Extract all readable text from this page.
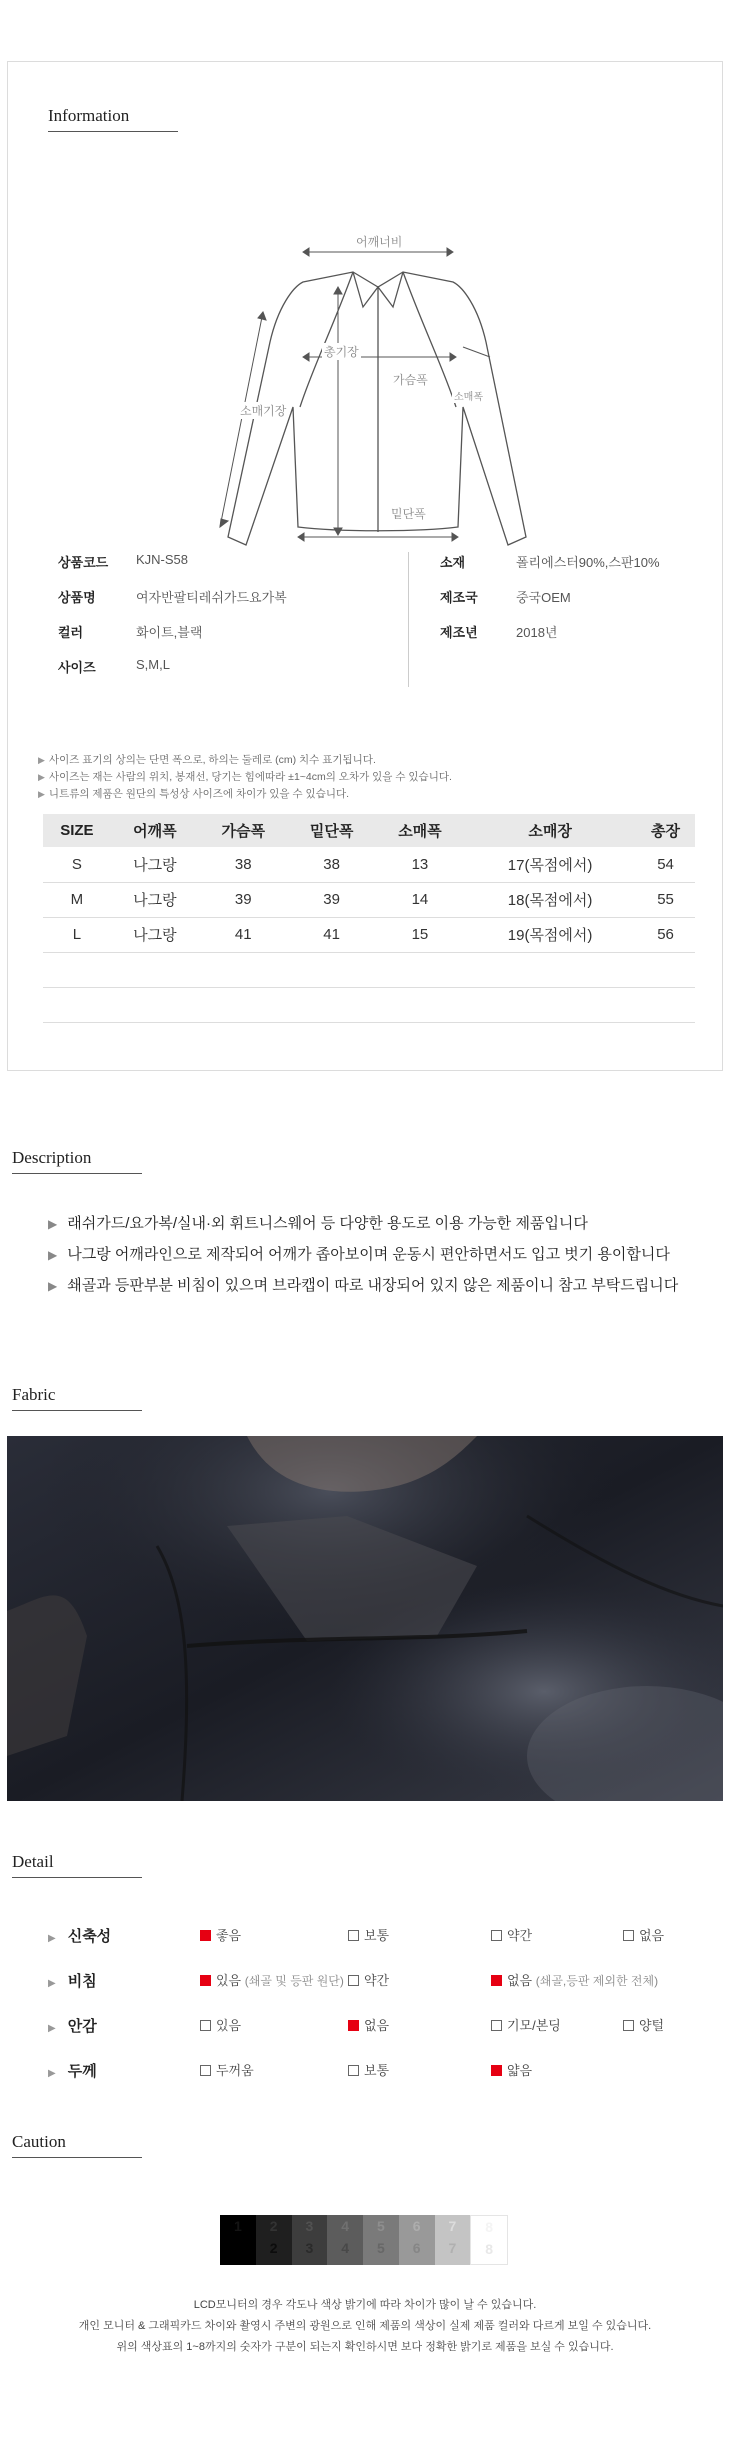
Information
어깨너비
총기장
가슴폭
소매폭
소매기장
밑단폭
상품코드	KJN-S58
상품명	여자반팔티레쉬가드요가복
컬러	화이트,블랙
사이즈	S,M,L
소재	폴리에스터90%,스판10%
제조국	중국OEM
제조년	2018년
▶ 사이즈 표기의 상의는 단면 폭으로, 하의는 둘레로 (cm) 치수 표기됩니다.
▶ 사이즈는 재는 사람의 위치, 봉재선, 당기는 힘에따라 ±1~4cm의 오차가 있을 수 있습니다.
▶ 니트류의 제품은 원단의 특성상 사이즈에 차이가 있을 수 있습니다.
SIZE	어깨폭	가슴폭	밑단폭	소매폭	소매장	총장
S	나그랑	38	38	13	17(목점에서)	54
M	나그랑	39	39	14	18(목점에서)	55
L	나그랑	41	41	15	19(목점에서)	56

Description
▶ 래쉬가드/요가복/실내·외 휘트니스웨어 등 다양한 용도로 이용 가능한 제품입니다
▶ 나그랑 어깨라인으로 제작되어 어깨가 좁아보이며 운동시 편안하면서도 입고 벗기 용이합니다
▶ 쇄골과 등판부분 비침이 있으며 브라캡이 따로 내장되어 있지 않은 제품이니 참고 부탁드립니다
Fabric
Detail
▶ 신축성	좋음	보통	약간	없음
▶ 비침	있음 (쇄골 및 등판 원단)	약간	없음 (쇄골,등판 제외한 전체)
▶ 안감	있음	없음	기모/본딩	양털
▶ 두께	두꺼움	보통	얇음
Caution
1
1
2
2
3
3
4
4
5
5
6
6
7
7
8
8
LCD모니터의 경우 각도나 색상 밝기에 따라 차이가 많이 날 수 있습니다.
개인 모니터 & 그래픽카드 차이와 촬영시 주변의 광원으로 인해 제품의 색상이 실제 제품 컬러와 다르게 보일 수 있습니다.
위의 색상표의 1~8까지의 숫자가 구분이 되는지 확인하시면 보다 정확한 밝기로 제품을 보실 수 있습니다.
